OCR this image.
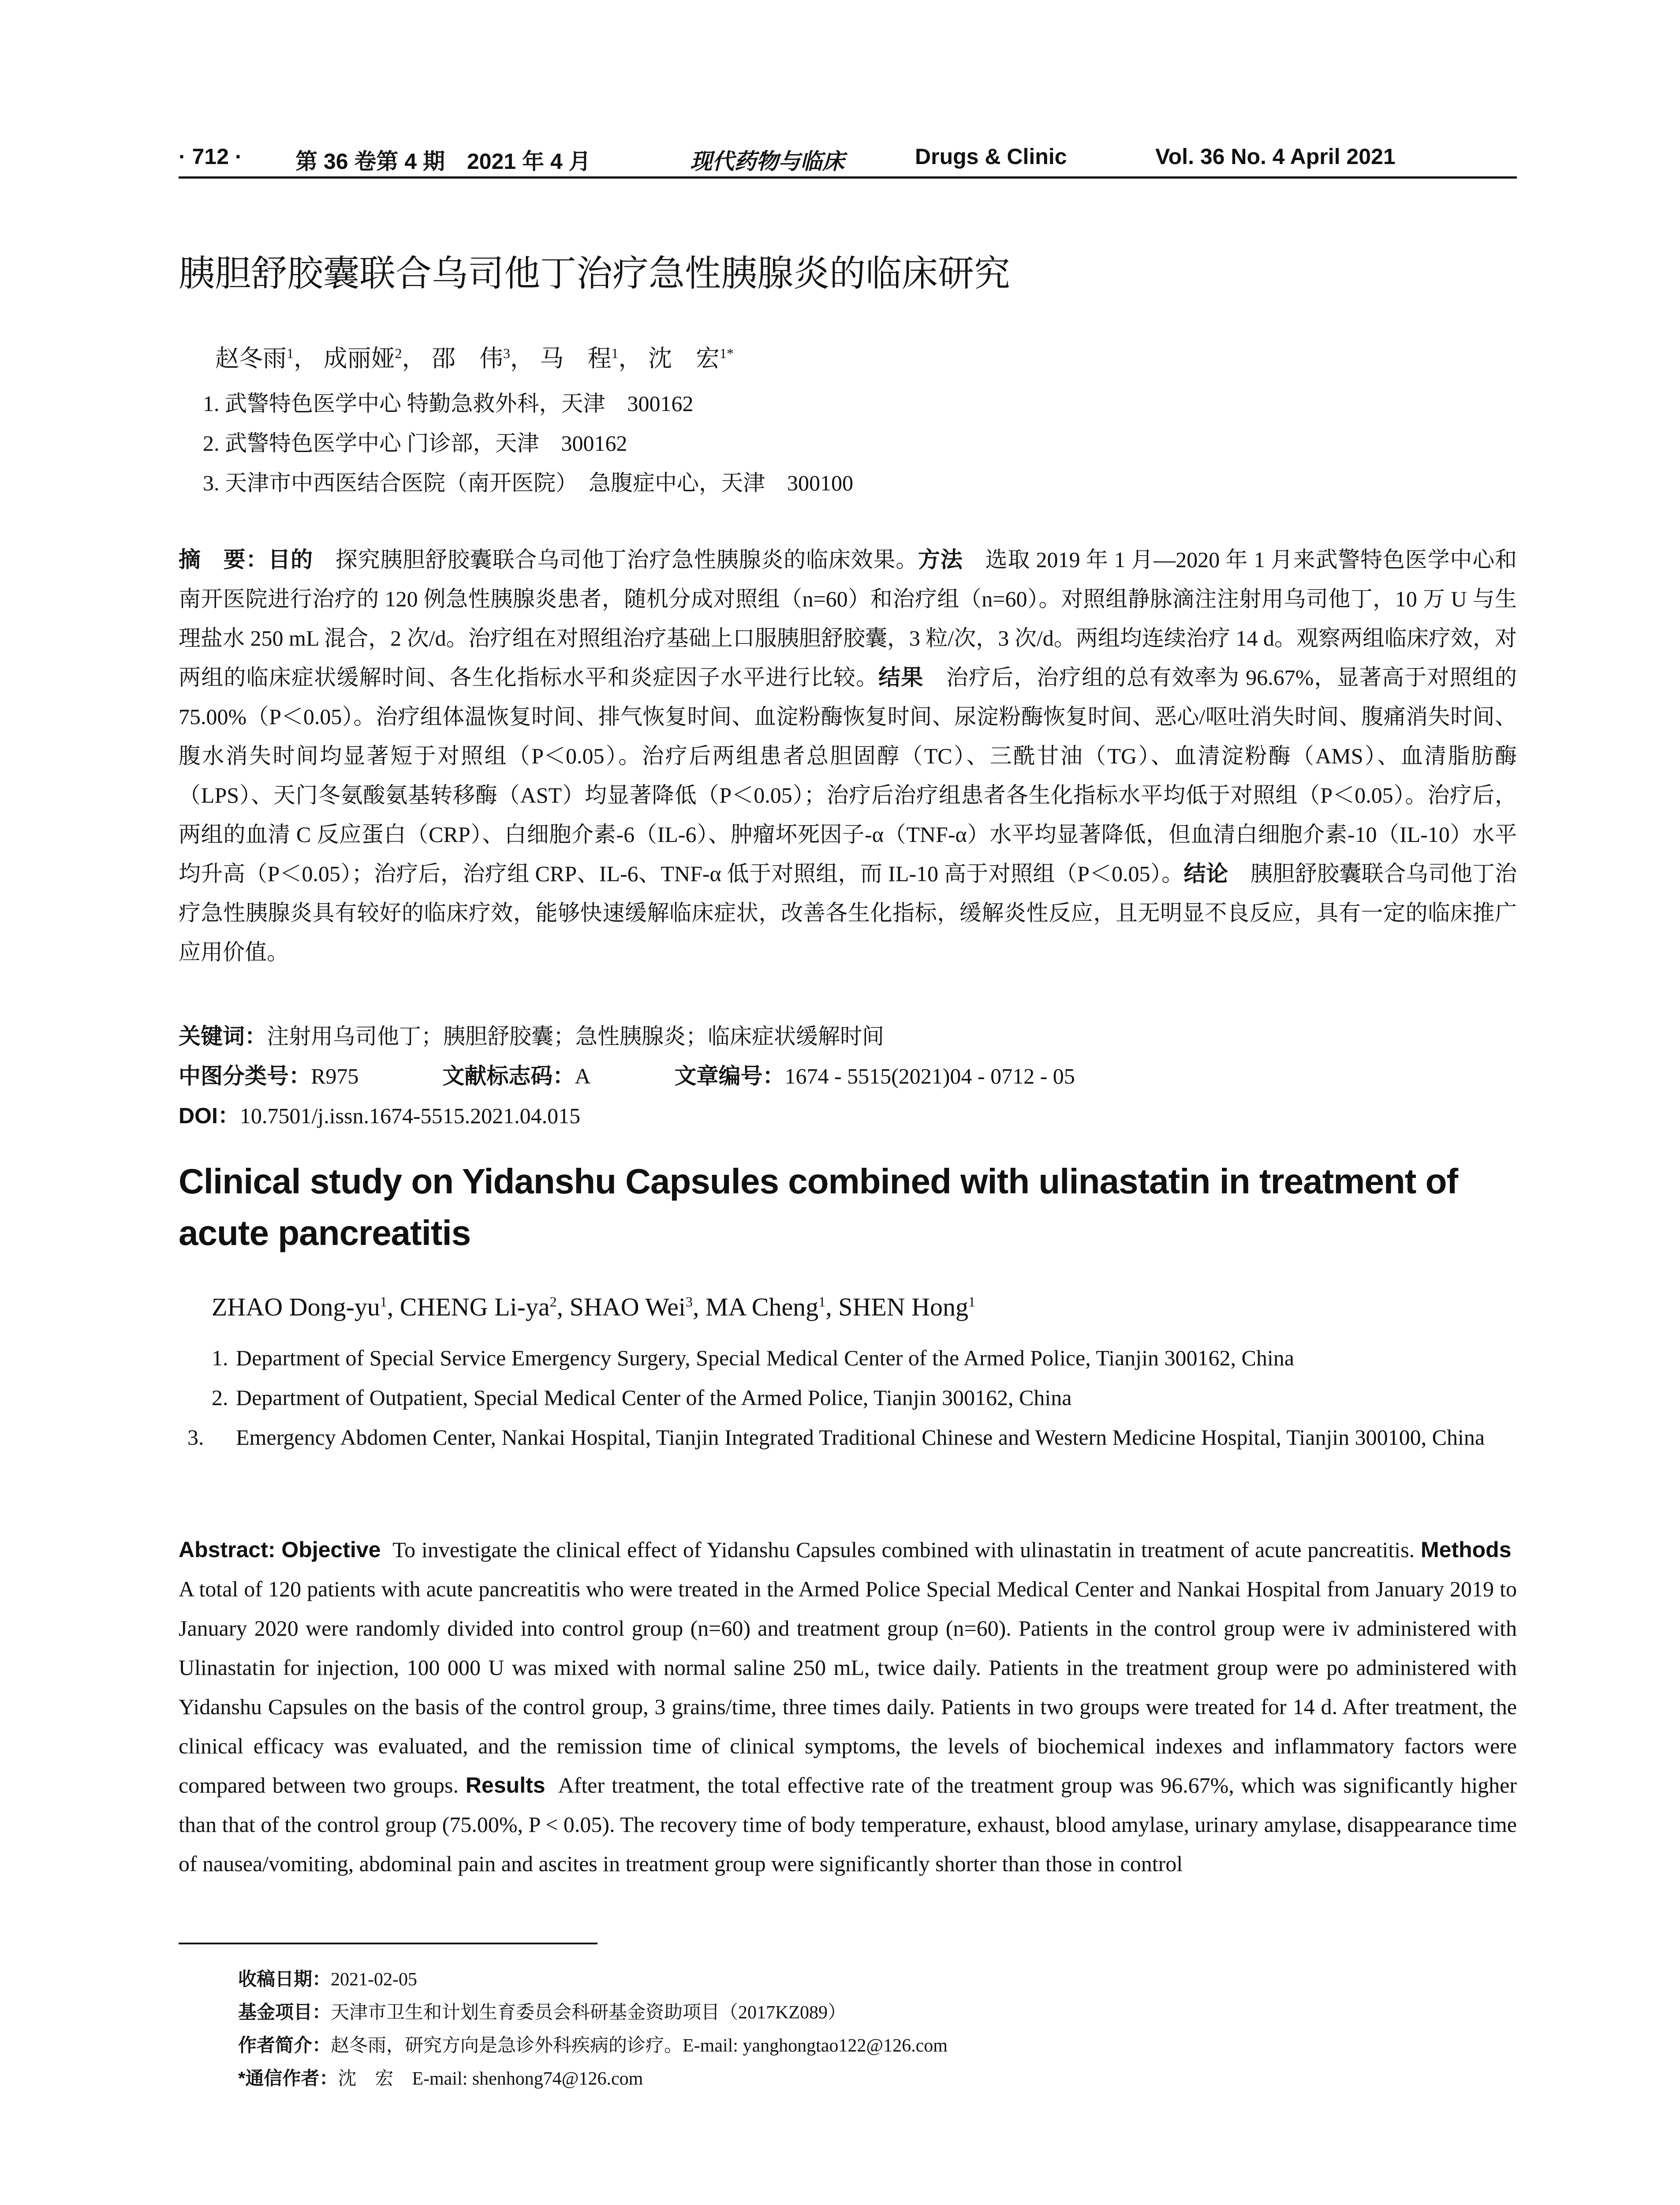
· 712 · 第 36 卷第 4 期　2021 年 4 月	现代药物与临床	Drugs & Clinic	Vol. 36 No. 4 April 2021
胰胆舒胶囊联合乌司他丁治疗急性胰腺炎的临床研究
赵冬雨$^1$， 成丽娅$^2$， 邵　伟$^3$， 马　程$^1$， 沈　宏$^{1*}$
1. 武警特色医学中心 特勤急救外科，天津　300162
2. 武警特色医学中心 门诊部，天津　300162
3. 天津市中西医结合医院（南开医院）　急腹症中心，天津　300100
摘　要：目的　 探究胰胆舒胶囊联合乌司他丁治疗急性胰腺炎的临床效果。方法　 选取 2019 年 1 月—2020 年 1 月来武警特色医学中心和南开医院进行治疗的 120 例急性胰腺炎患者，随机分成对照组（n=60）和治疗组（n=60）。对照组静脉滴注注射用乌司他丁，10 万 U 与生理盐水 250 mL 混合，2 次/d。治疗组在对照组治疗基础上口服胰胆舒胶囊，3 粒/次，3 次/d。两组均连续治疗 14 d。观察两组临床疗效，对两组的临床症状缓解时间、各生化指标水平和炎症因子水平进行比较。结果　 治疗后，治疗组的总有效率为 96.67%，显著高于对照组的 75.00%（P＜0.05）。治疗组体温恢复时间、排气恢复时间、血淀粉酶恢复时间、尿淀粉酶恢复时间、恶心/呕吐消失时间、腹痛消失时间、腹水消失时间均显著短于对照组（P＜0.05）。治疗后两组患者总胆固醇（TC）、三酰甘油（TG）、血清淀粉酶（AMS）、血清脂肪酶（LPS）、天门冬氨酸氨基转移酶（AST）均显著降低（P＜0.05）；治疗后治疗组患者各生化指标水平均低于对照组（P＜0.05）。治疗后，两组的血清 C 反应蛋白（CRP）、白细胞介素-6（IL-6）、肿瘤坏死因子-α（TNF-α）水平均显著降低，但血清白细胞介素-10（IL-10）水平均升高（P＜0.05）；治疗后，治疗组 CRP、IL-6、TNF-α 低于对照组，而 IL-10 高于对照组（P＜0.05）。结论　 胰胆舒胶囊联合乌司他丁治疗急性胰腺炎具有较好的临床疗效，能够快速缓解临床症状，改善各生化指标，缓解炎性反应，且无明显不良反应，具有一定的临床推广应用价值。
关键词：注射用乌司他丁；胰胆舒胶囊；急性胰腺炎；临床症状缓解时间
中图分类号：R975	文献标志码：A	文章编号：1674 - 5515(2021)04 - 0712 - 05
DOI：10.7501/j.issn.1674-5515.2021.04.015
Clinical study on Yidanshu Capsules combined with ulinastatin in treatment of acute pancreatitis
ZHAO Dong-$yu^1$, CHENG $Li-ya^2$, SHAO Wei$^3$, MA Cheng$^1$, SHEN Hong$^1$
1. Department of Special Service Emergency Surgery, Special Medical Center of the Armed Police, Tianjin 300162, China
2. Department of Outpatient, Special Medical Center of the Armed Police, Tianjin 300162, China
3. Emergency Abdomen Center, Nankai Hospital, Tianjin Integrated Traditional Chinese and Western Medicine Hospital, Tianjin 300100, China
Abstract: Objective To investigate the clinical effect of Yidanshu Capsules combined with ulinastatin in treatment of acute pancreatitis. Methods  A total of 120 patients with acute pancreatitis who were treated in the Armed Police Special Medical Center and Nankai Hospital from January 2019 to January 2020 were randomly divided into control group (n=60) and treatment group (n=60). Patients in the control group were iv administered with Ulinastatin for injection, 100 000 U was mixed with normal saline 250 mL, twice daily. Patients in the treatment group were po administered with Yidanshu Capsules on the basis of the control group, 3 grains/time, three times daily. Patients in two groups were treated for 14 d. After treatment, the clinical efficacy was evaluated, and the remission time of clinical symptoms, the levels of biochemical indexes and inflammatory factors were compared between two groups. Results After treatment, the total effective rate of the treatment group was 96.67%, which was significantly higher than that of the control group (75.00%, P < 0.05). The recovery time of body temperature, exhaust, blood amylase, urinary amylase, disappearance time of nausea/vomiting, abdominal pain and ascites in treatment group were significantly shorter than those in control
收稿日期：2021-02-05
基金项目：天津市卫生和计划生育委员会科研基金资助项目（2017KZ089）
作者简介：赵冬雨，研究方向是急诊外科疾病的诊疗。E-mail: yanghongtao122@126.com
*通信作者：沈　宏　E-mail: shenhong74@126.com
